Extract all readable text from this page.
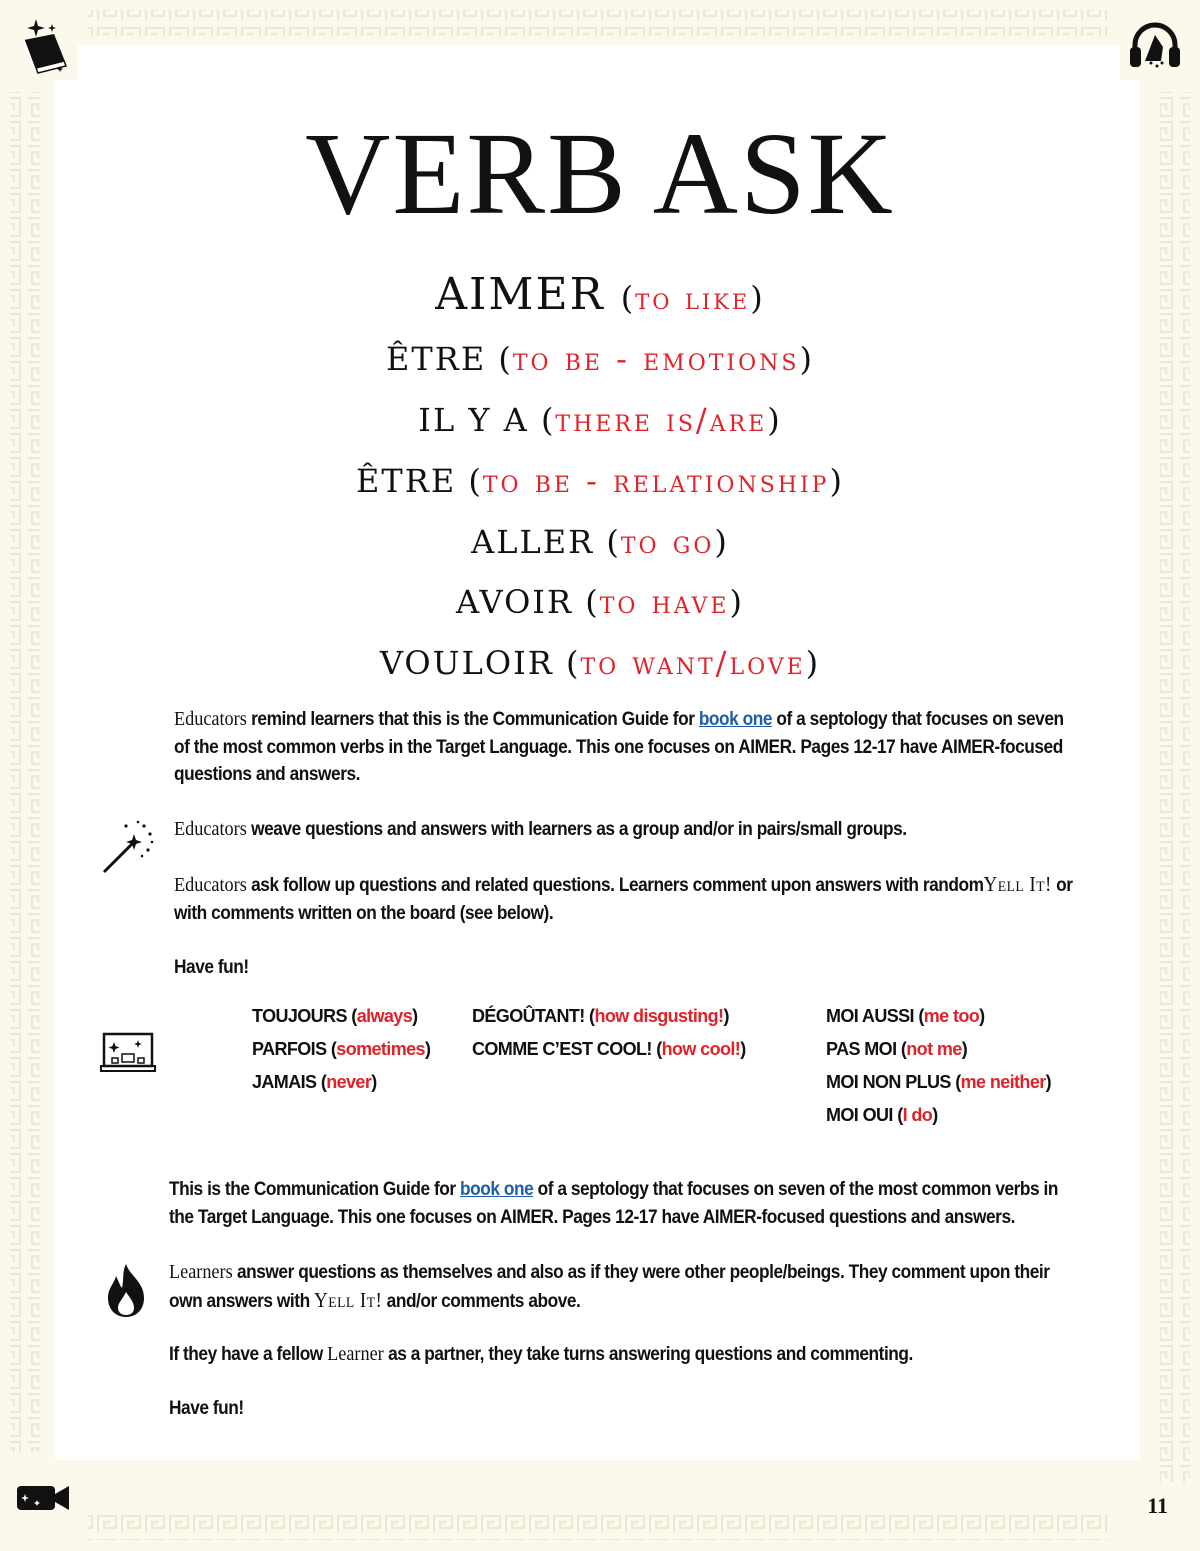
11
VERB ASK
AIMER (to like)
ÊTRE (to be - emotions)
IL Y A (there is/are)
ÊTRE (to be - relationship)
ALLER (to go)
AVOIR (to have)
VOULOIR (to want/love)
Educators remind learners that this is the Communication Guide for book one of a septology that focuses on seven of the most common verbs in the Target Language. This one focuses on AIMER. Pages 12-17 have AIMER-focused questions and answers.
Educators weave questions and answers with learners as a group and/or in pairs/small groups.
Educators ask follow up questions and related questions. Learners comment upon answers with randomYell It! or with comments written on the board (see below).
Have fun!
TOUJOURS (always)
PARFOIS (sometimes)
JAMAIS (never)
DÉGOÛTANT! (how disgusting!)
COMME C’EST COOL! (how cool!)
MOI AUSSI (me too)
PAS MOI (not me)
MOI NON PLUS (me neither)
MOI OUI (I do)
This is the Communication Guide for book one of a septology that focuses on seven of the most common verbs in the Target Language. This one focuses on AIMER. Pages 12-17 have AIMER-focused questions and answers.
Learners answer questions as themselves and also as if they were other people/beings. They comment upon their own answers with Yell It! and/or comments above.
If they have a fellow Learner as a partner, they take turns answering questions and commenting.
Have fun!
